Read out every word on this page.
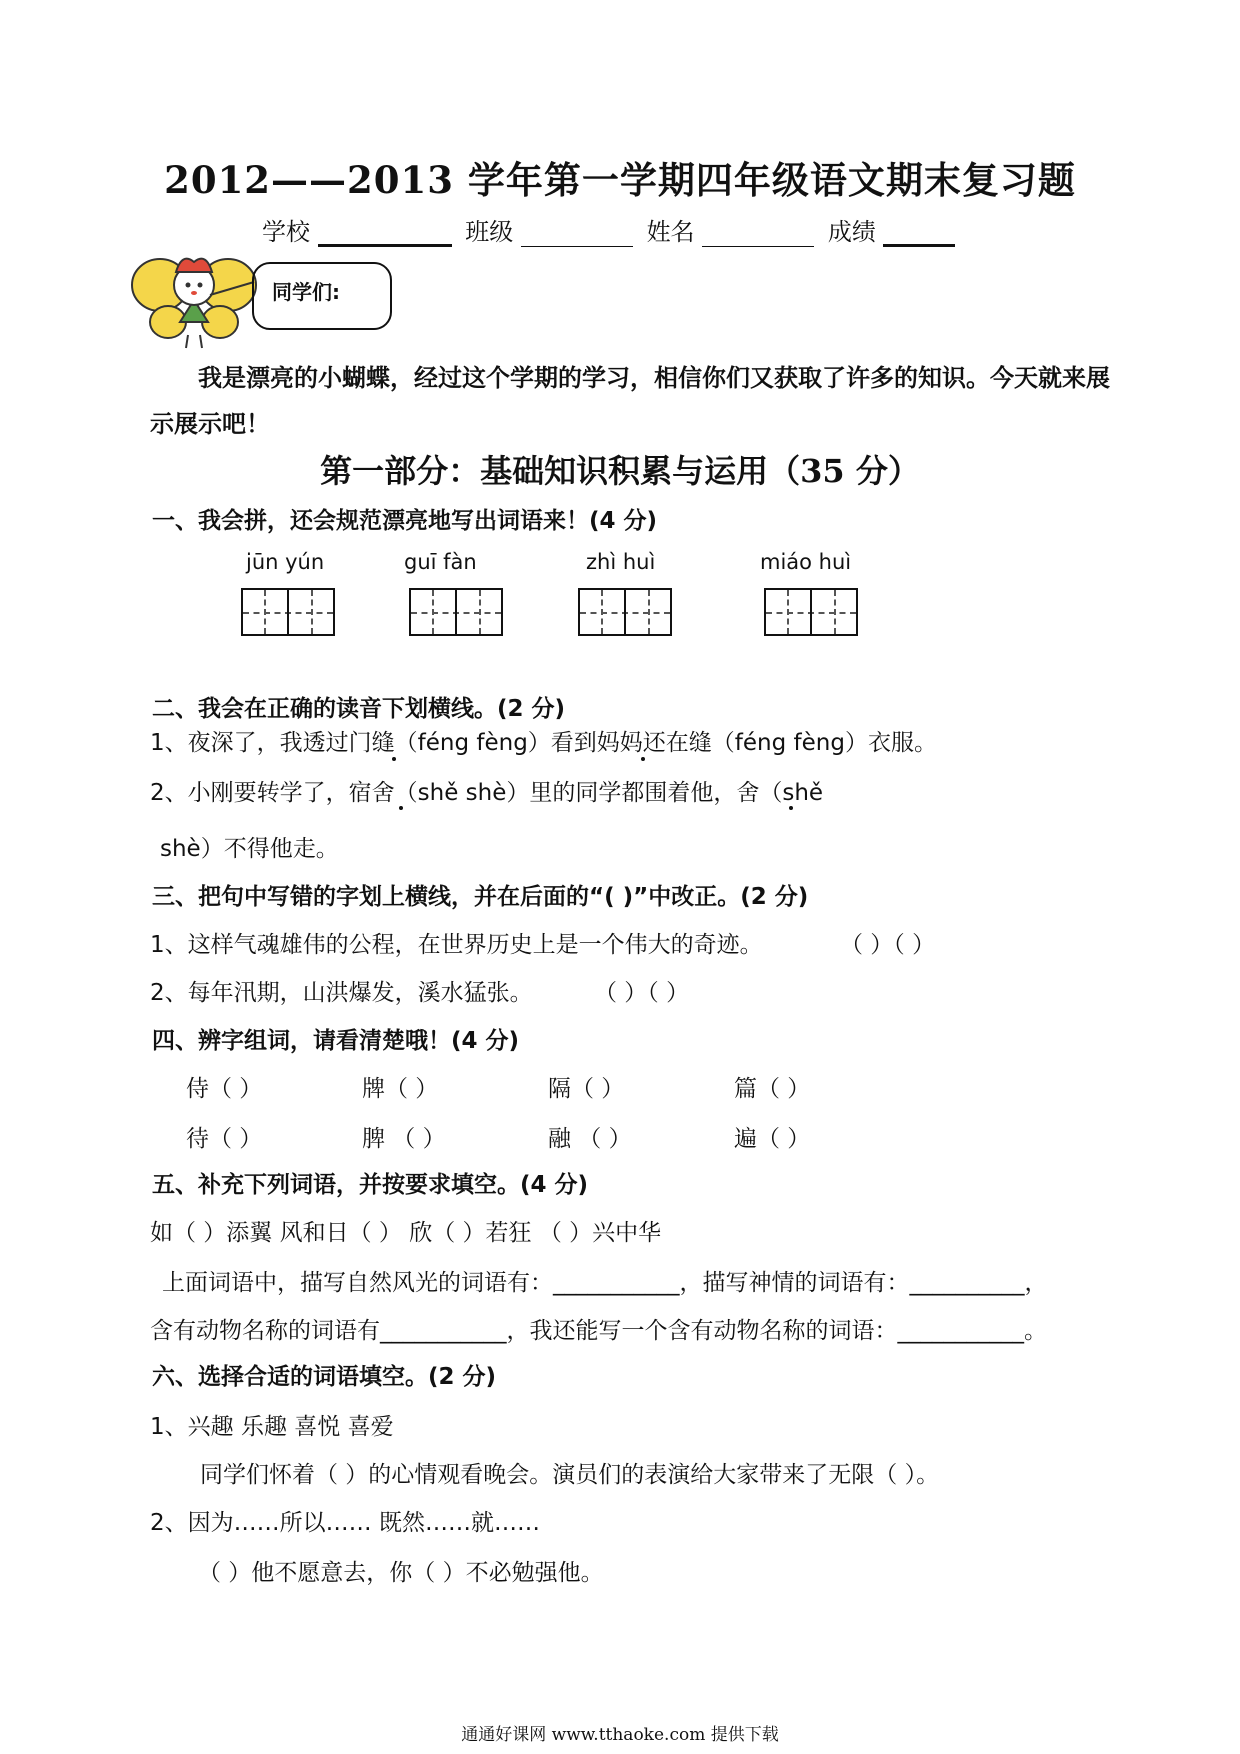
2012——2013 学年第一学期四年级语文期末复习题
学校	班级	姓名	成绩
同学们:
我是漂亮的小蝴蝶，经过这个学期的学习，相信你们又获取了许多的知识。今天就来展
示展示吧！
第一部分：基础知识积累与运用（35 分）
一、我会拼，还会规范漂亮地写出词语来！(4 分)
jūn yún	guī fàn	zhì huì	miáo huì
二、我会在正确的读音下划横线。(2 分)
1、夜深了，我透过门缝（féng fèng）看到妈妈还在缝（féng fèng）衣服。
2、小刚要转学了，宿舍（shě shè）里的同学都围着他，舍（shě
shè）不得他走。
三、把句中写错的字划上横线，并在后面的“( )”中改正。(2 分)
1、这样气魂雄伟的公程，在世界历史上是一个伟大的奇迹。	（ ）（ ）
2、每年汛期，山洪爆发，溪水猛张。	（ ）（ ）
四、辨字组词，请看清楚哦！(4 分)
侍（ ）	牌（ ）	隔（ ）	篇（ ）
待（ ）	脾 （ ）	融 （ ）	遍（ ）
五、补充下列词语，并按要求填空。(4 分)
如（ ）添翼 风和日（ ） 欣（ ）若狂 （ ）兴中华
上面词语中，描写自然风光的词语有：___________，描写神情的词语有：__________，
含有动物名称的词语有___________，我还能写一个含有动物名称的词语：___________。
六、选择合适的词语填空。(2 分)
1、兴趣 乐趣 喜悦 喜爱
同学们怀着（ ）的心情观看晚会。演员们的表演给大家带来了无限（ ）。
2、因为……所以…… 既然……就……
（ ）他不愿意去，你（ ）不必勉强他。
通通好课网 www.tthaoke.com 提供下载
